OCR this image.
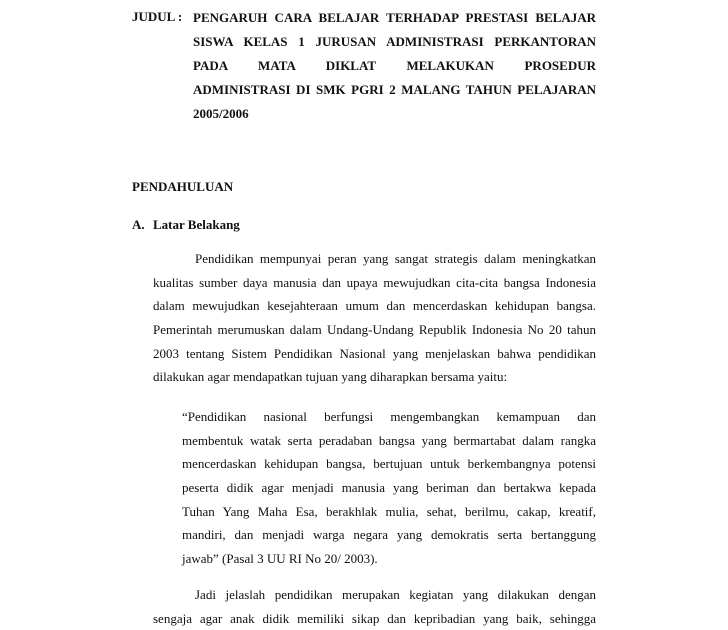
JUDUL : PENGARUH CARA BELAJAR TERHADAP PRESTASI BELAJAR
SISWA KELAS 1 JURUSAN ADMINISTRASI PERKANTORAN
PADA MATA DIKLAT MELAKUKAN PROSEDUR
ADMINISTRASI DI SMK PGRI 2 MALANG TAHUN PELAJARAN
2005/2006
PENDAHULUAN
A. Latar Belakang
Pendidikan mempunyai peran yang sangat strategis dalam meningkatkan
kualitas sumber daya manusia dan upaya mewujudkan cita-cita bangsa Indonesia
dalam mewujudkan kesejahteraan umum dan mencerdaskan kehidupan bangsa.
Pemerintah merumuskan dalam Undang-Undang Republik Indonesia No 20 tahun
2003 tentang Sistem Pendidikan Nasional yang menjelaskan bahwa pendidikan
dilakukan agar mendapatkan tujuan yang diharapkan bersama yaitu:
“Pendidikan nasional berfungsi mengembangkan kemampuan dan
membentuk watak serta peradaban bangsa yang bermartabat dalam rangka
mencerdaskan kehidupan bangsa, bertujuan untuk berkembangnya potensi
peserta didik agar menjadi manusia yang beriman dan bertakwa kepada
Tuhan Yang Maha Esa, berakhlak mulia, sehat, berilmu, cakap, kreatif,
mandiri, dan menjadi warga negara yang demokratis serta bertanggung
jawab” (Pasal 3 UU RI No 20/ 2003).
Jadi jelaslah pendidikan merupakan kegiatan yang dilakukan dengan
sengaja agar anak didik memiliki sikap dan kepribadian yang baik, sehingga
